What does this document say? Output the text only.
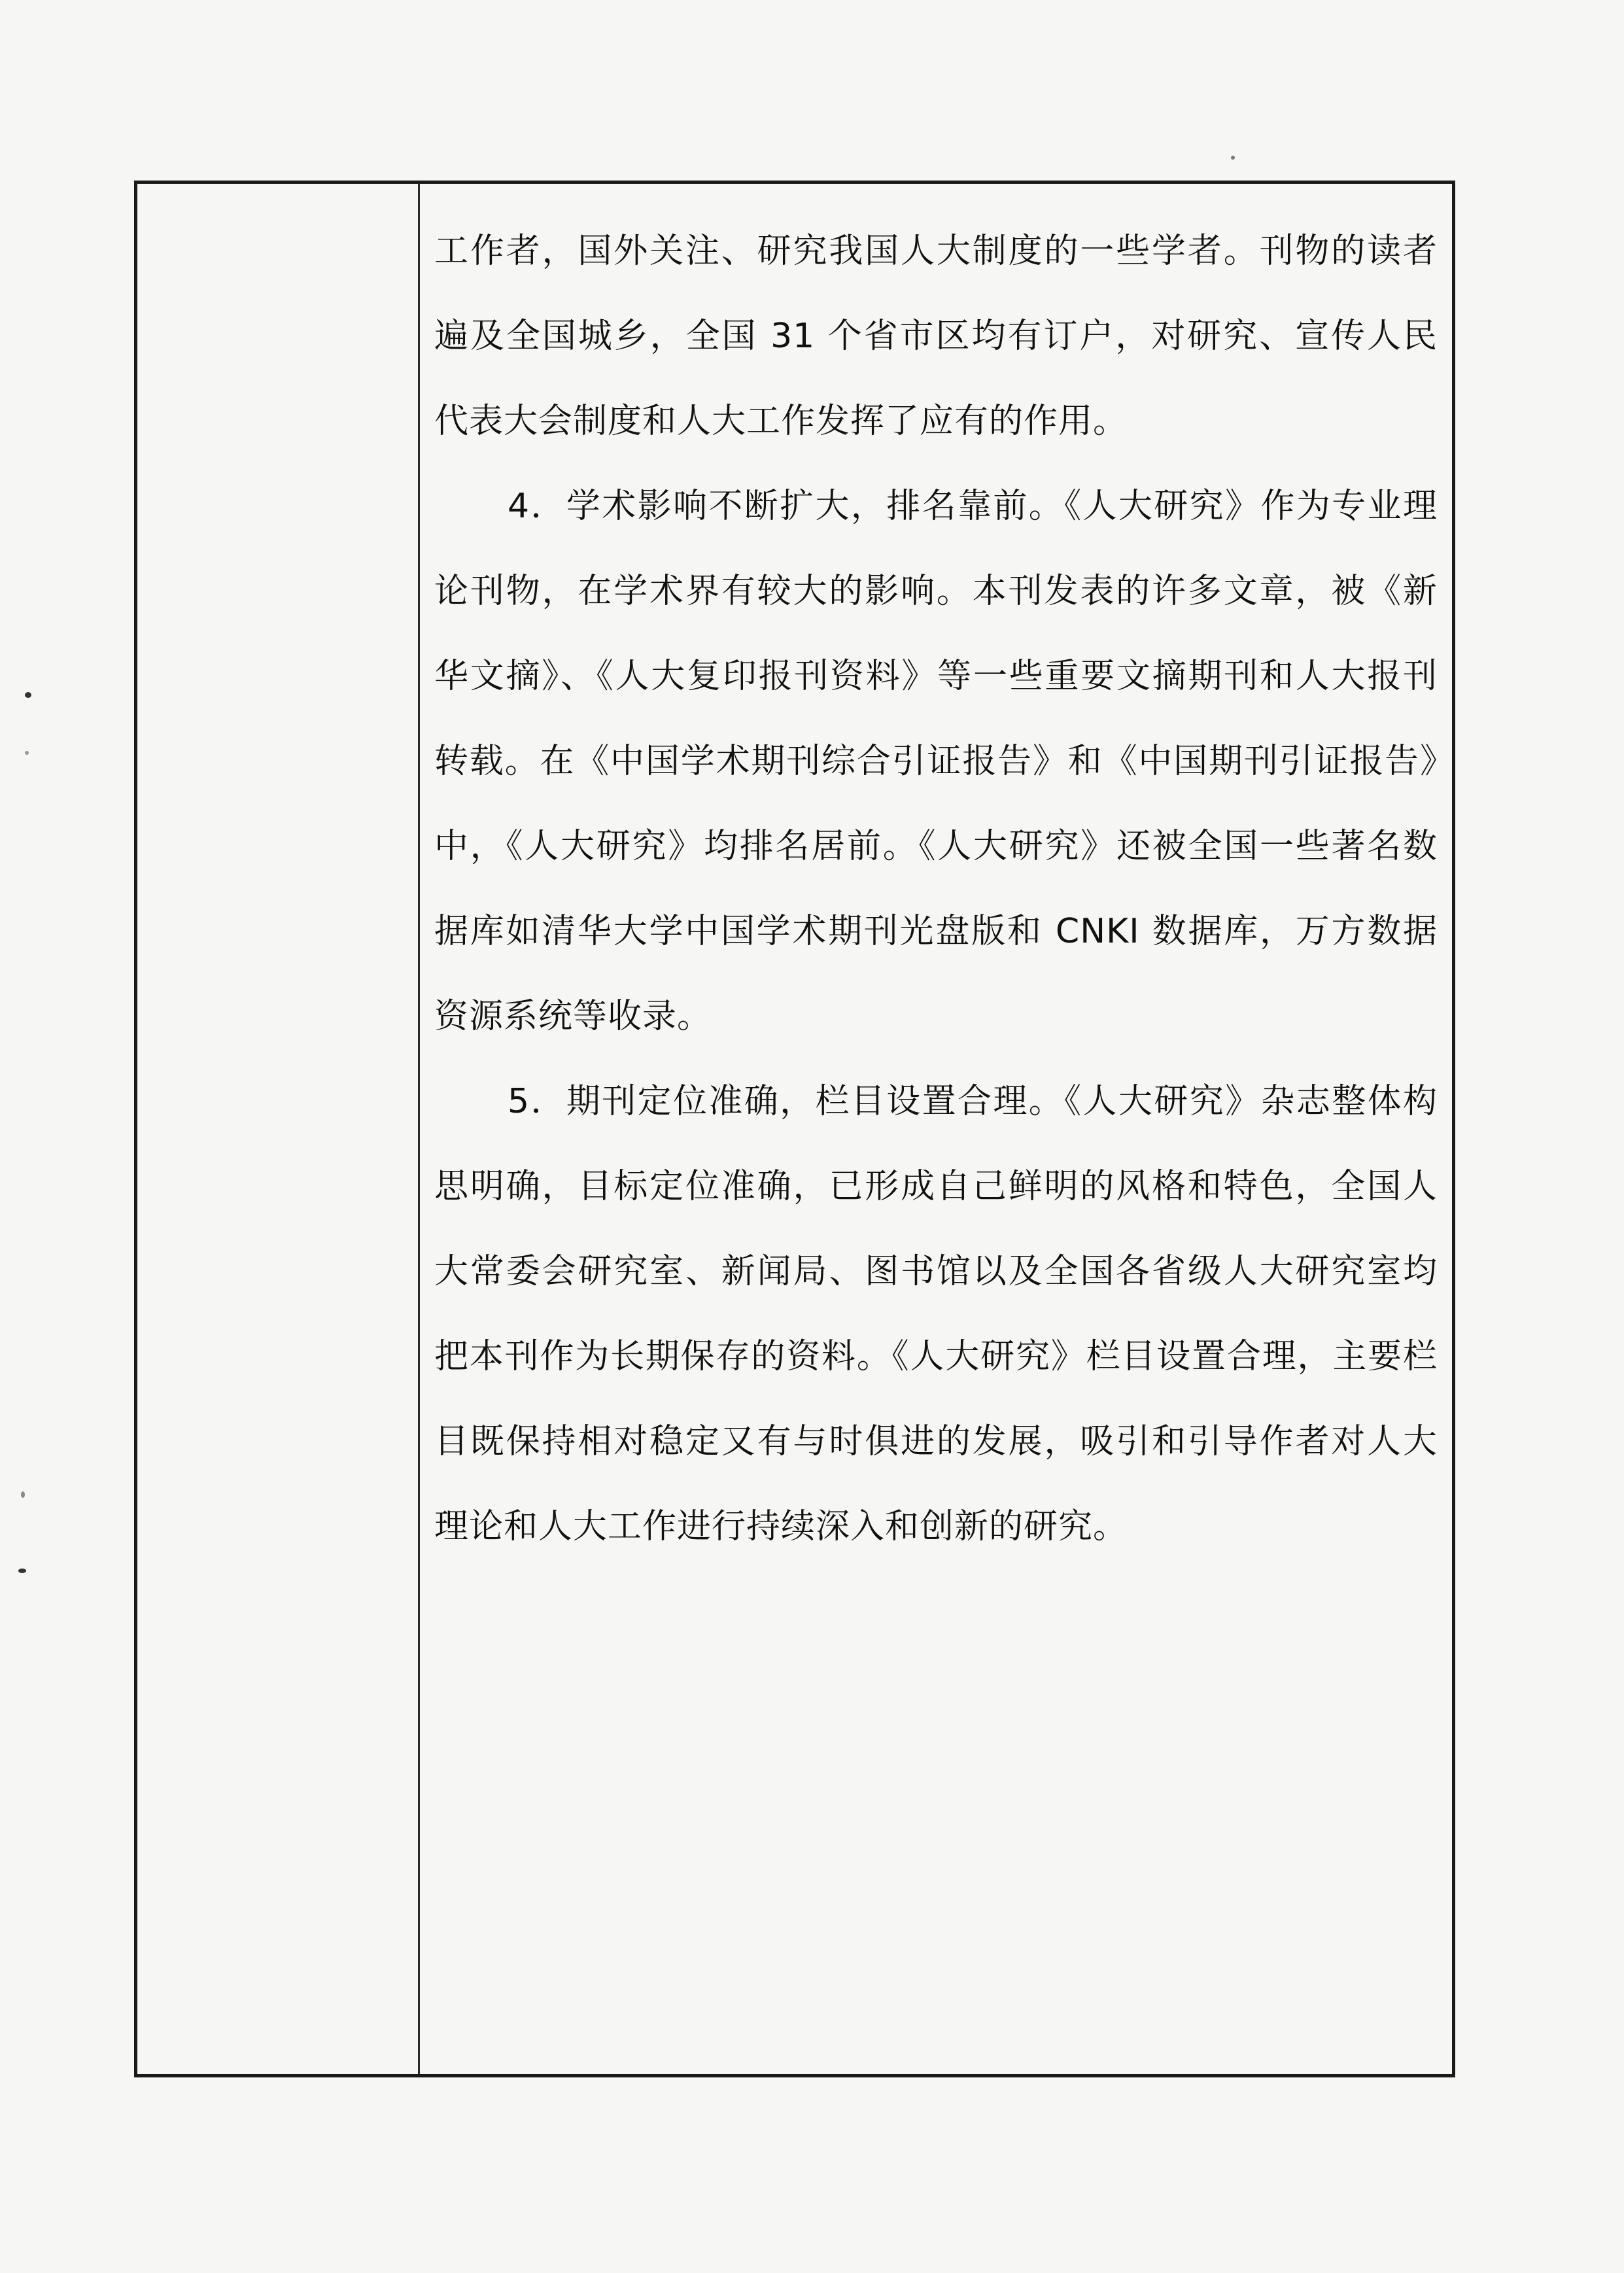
工作者，国外关注、研究我国人大制度的一些学者。刊物的读者遍及全国城乡，全国 31 个省市区均有订户，对研究、宣传人民代表大会制度和人大工作发挥了应有的作用。

4．学术影响不断扩大，排名靠前。《人大研究》作为专业理论刊物，在学术界有较大的影响。本刊发表的许多文章，被《新华文摘》、《人大复印报刊资料》等一些重要文摘期刊和人大报刊转载。在《中国学术期刊综合引证报告》和《中国期刊引证报告》中，《人大研究》均排名居前。《人大研究》还被全国一些著名数据库如清华大学中国学术期刊光盘版和 CNKI 数据库，万方数据资源系统等收录。

5．期刊定位准确，栏目设置合理。《人大研究》杂志整体构思明确，目标定位准确，已形成自己鲜明的风格和特色，全国人大常委会研究室、新闻局、图书馆以及全国各省级人大研究室均把本刊作为长期保存的资料。《人大研究》栏目设置合理，主要栏目既保持相对稳定又有与时俱进的发展，吸引和引导作者对人大理论和人大工作进行持续深入和创新的研究。
